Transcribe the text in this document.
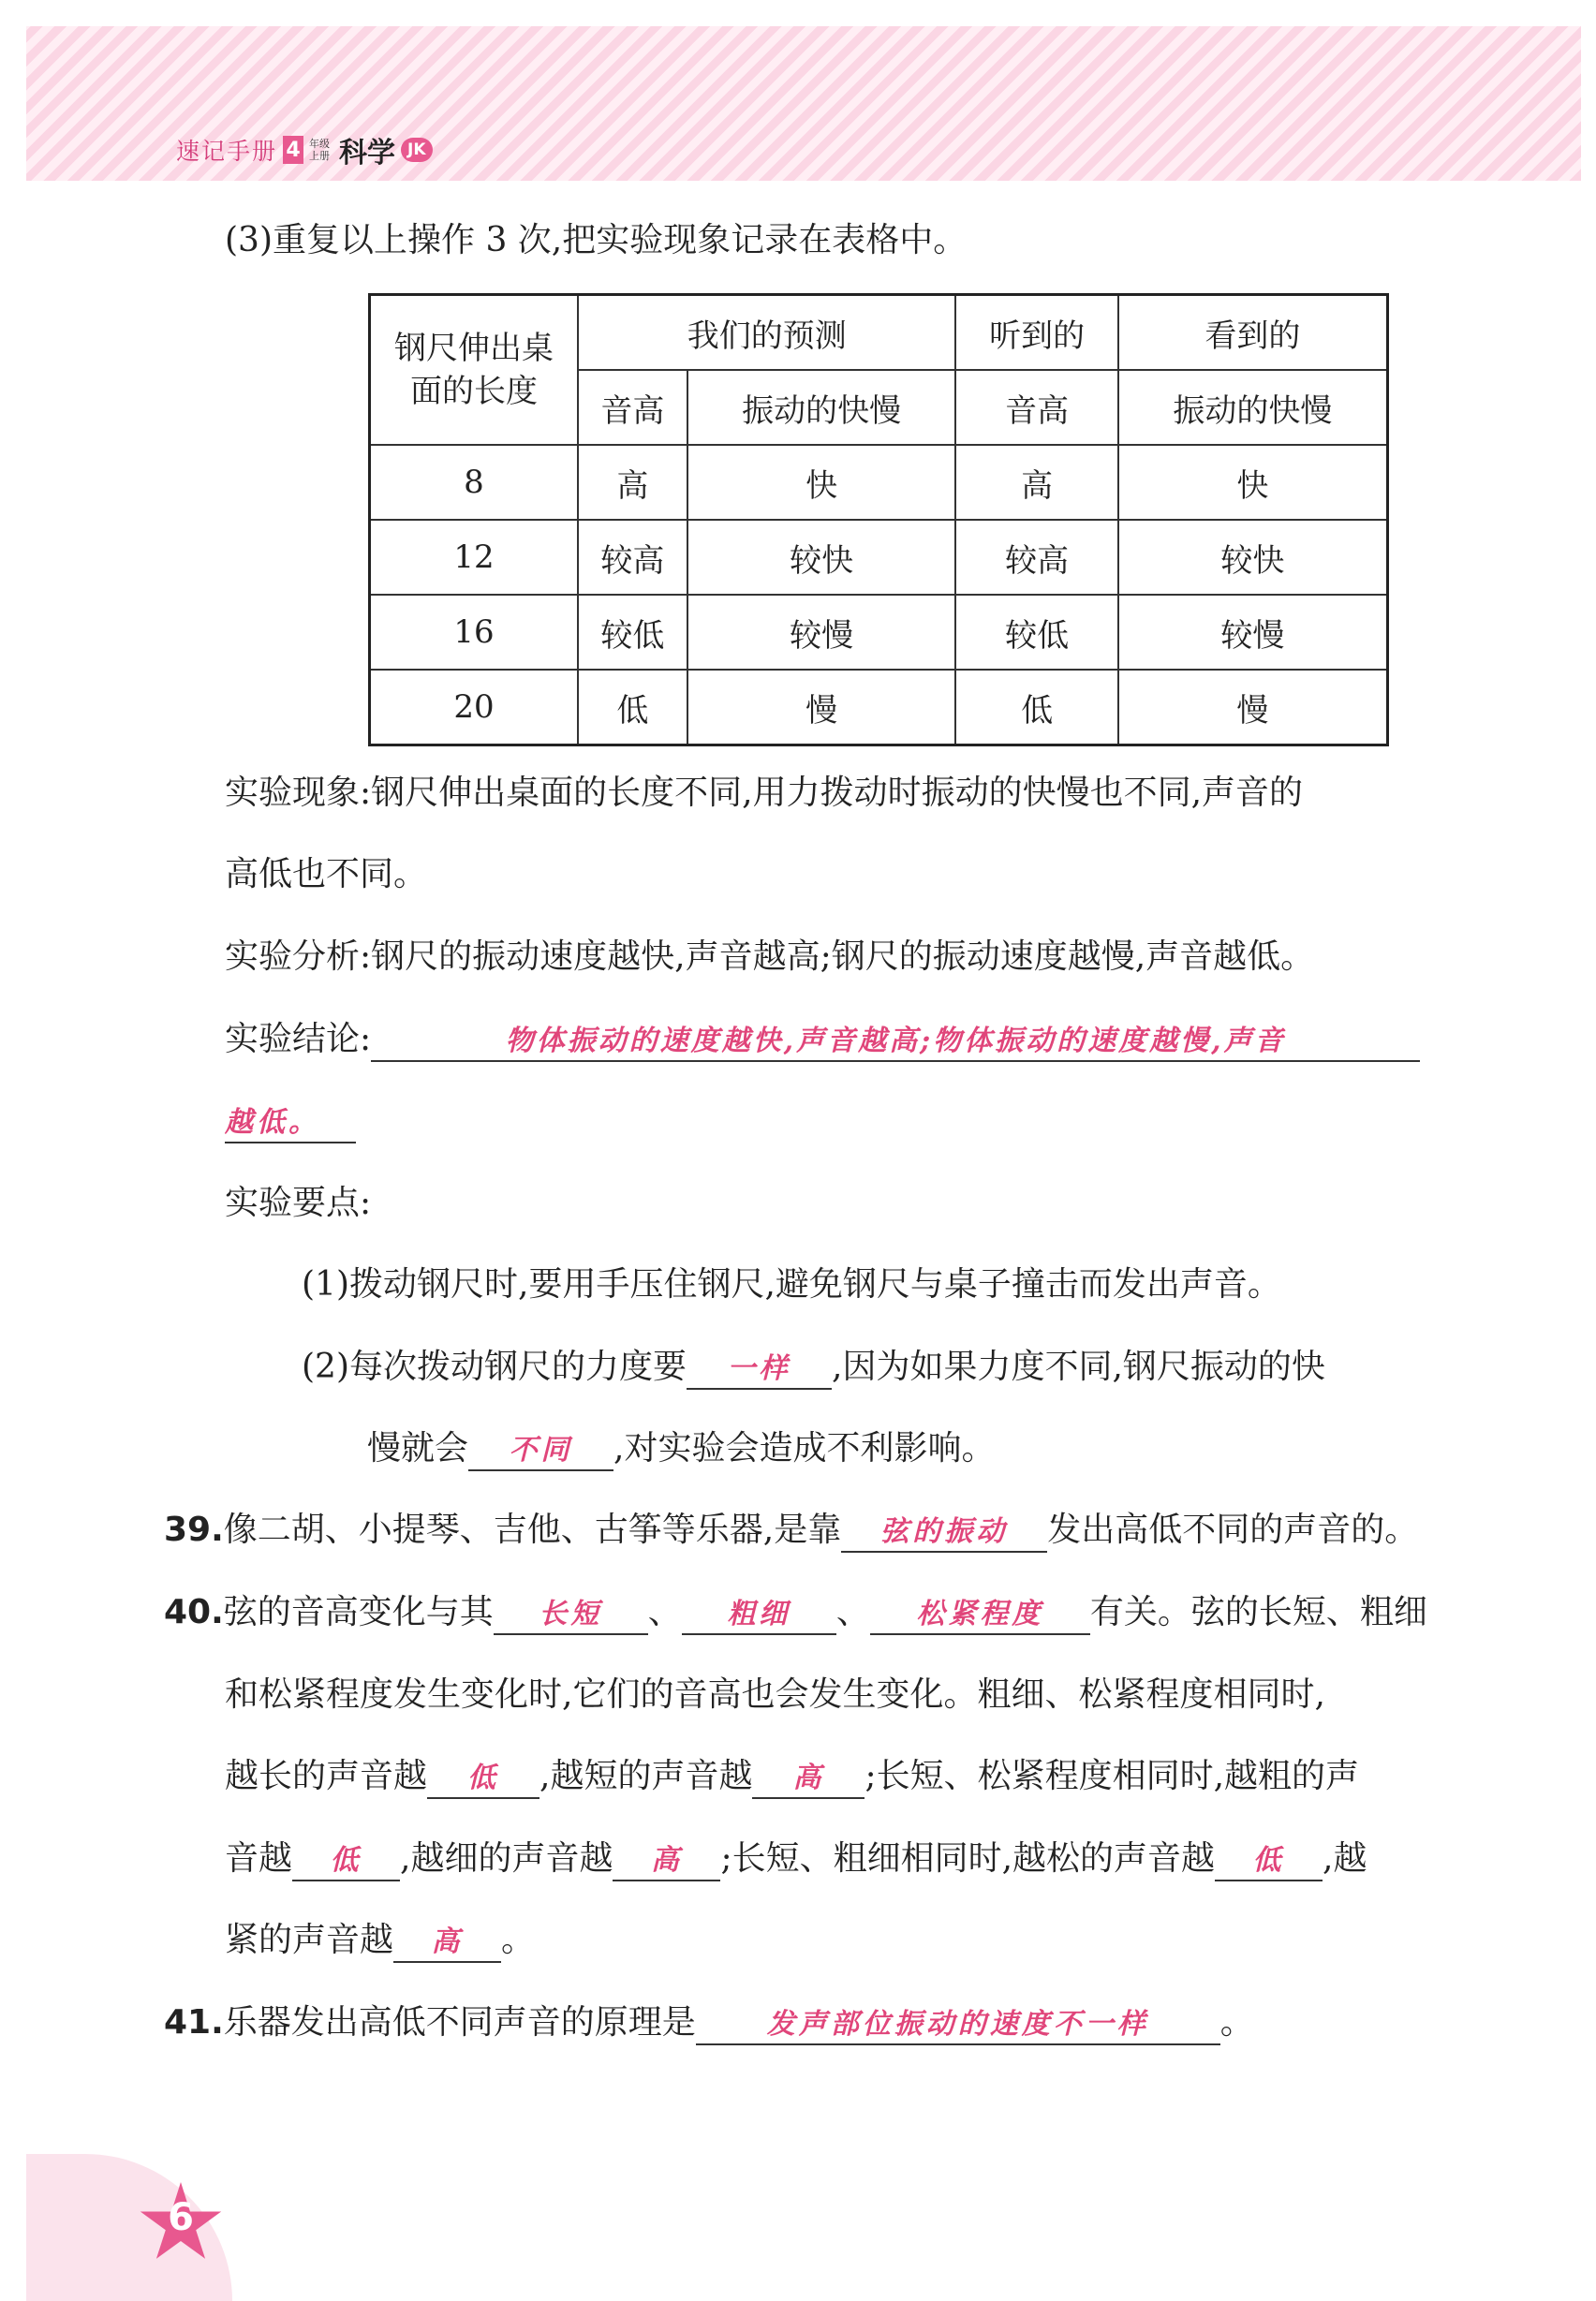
速记手册 4 年级
上册 科学 JK
(3)重复以上操作 3 次,把实验现象记录在表格中。
钢尺伸出桌面的长度	我们的预测		听到的	看到的
	音高	振动的快慢	音高	振动的快慢
8	高	快	高	快
12	较高	较快	较高	较快
16	较低	较慢	较低	较慢
20	低	慢	低	慢
实验现象:钢尺伸出桌面的长度不同,用力拨动时振动的快慢也不同,声音的
高低也不同。
实验分析:钢尺的振动速度越快,声音越高;钢尺的振动速度越慢,声音越低。
实验结论:	物体振动的速度越快,声音越高;物体振动的速度越慢,声音
越低。
实验要点:
(1)拨动钢尺时,要用手压住钢尺,避免钢尺与桌子撞击而发出声音。
(2)每次拨动钢尺的力度要 一样 ,因为如果力度不同,钢尺振动的快
慢就会 不同 ,对实验会造成不利影响。
39.像二胡、小提琴、吉他、古筝等乐器,是靠 弦的振动 发出高低不同的声音的。
40.弦的音高变化与其 长短 、 粗细 、 松紧程度 有关。弦的长短、粗细
和松紧程度发生变化时,它们的音高也会发生变化。粗细、松紧程度相同时,
越长的声音越 低 ,越短的声音越 高 ;长短、松紧程度相同时,越粗的声
音越 低 ,越细的声音越 高 ;长短、粗细相同时,越松的声音越 低 ,越
紧的声音越 高 。
41.乐器发出高低不同声音的原理是	发声部位振动的速度不一样 。
6
